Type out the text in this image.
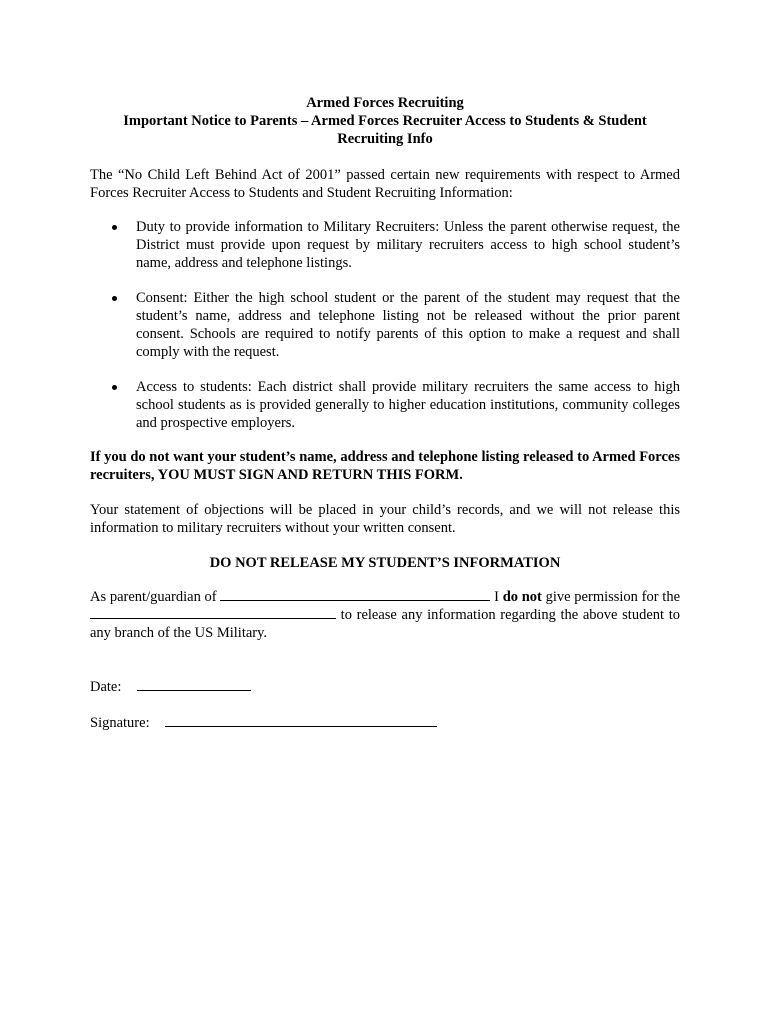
Armed Forces Recruiting
Important Notice to Parents – Armed Forces Recruiter Access to Students & Student Recruiting Info

The “No Child Left Behind Act of 2001” passed certain new requirements with respect to Armed Forces Recruiter Access to Students and Student Recruiting Information:

Duty to provide information to Military Recruiters: Unless the parent otherwise request, the District must provide upon request by military recruiters access to high school student’s name, address and telephone listings.
Consent: Either the high school student or the parent of the student may request that the student’s name, address and telephone listing not be released without the prior parent consent. Schools are required to notify parents of this option to make a request and shall comply with the request.
Access to students: Each district shall provide military recruiters the same access to high school students as is provided generally to higher education institutions, community colleges and prospective employers.

If you do not want your student’s name, address and telephone listing released to Armed Forces recruiters, YOU MUST SIGN AND RETURN THIS FORM.

Your statement of objections will be placed in your child’s records, and we will not release this information to military recruiters without your written consent.

DO NOT RELEASE MY STUDENT’S INFORMATION

As parent/guardian of	I do not give permission for the  to release any information regarding the above student to any branch of the US Military.

Date:
Signature:
